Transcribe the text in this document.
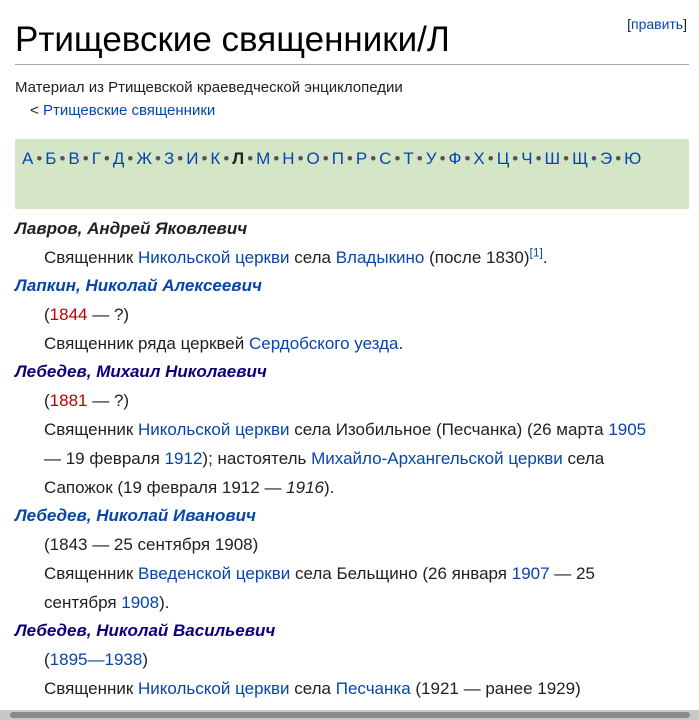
[править]
Ртищевские священники/Л
Материал из Ртищевской краеведческой энциклопедии
< Ртищевские священники
А • Б • В • Г • Д • Ж • З • И • К • Л • М • Н • О • П • Р • С • Т • У • Ф • Х • Ц • Ч • Ш • Щ • Э • Ю

Лавров, Андрей Яковлевич

Священник Никольской церкви села Владыкино (после 1830)[1].

Лапкин, Николай Алексеевич

(1844 — ?)

Священник ряда церквей Сердобского уезда.

Лебедев, Михаил Николаевич

(1881 — ?)

Священник Никольской церкви села Изобильное (Песчанка) (26 марта 1905

— 19 февраля 1912); настоятель Михайло-Архангельской церкви села

Сапожок (19 февраля 1912 — 1916).

Лебедев, Николай Иванович

(1843 — 25 сентября 1908)

Священник Введенской церкви села Бельщино (26 января 1907 — 25

сентября 1908).

Лебедев, Николай Васильевич

(1895—1938)

Священник Никольской церкви села Песчанка (1921 — ранее 1929)
